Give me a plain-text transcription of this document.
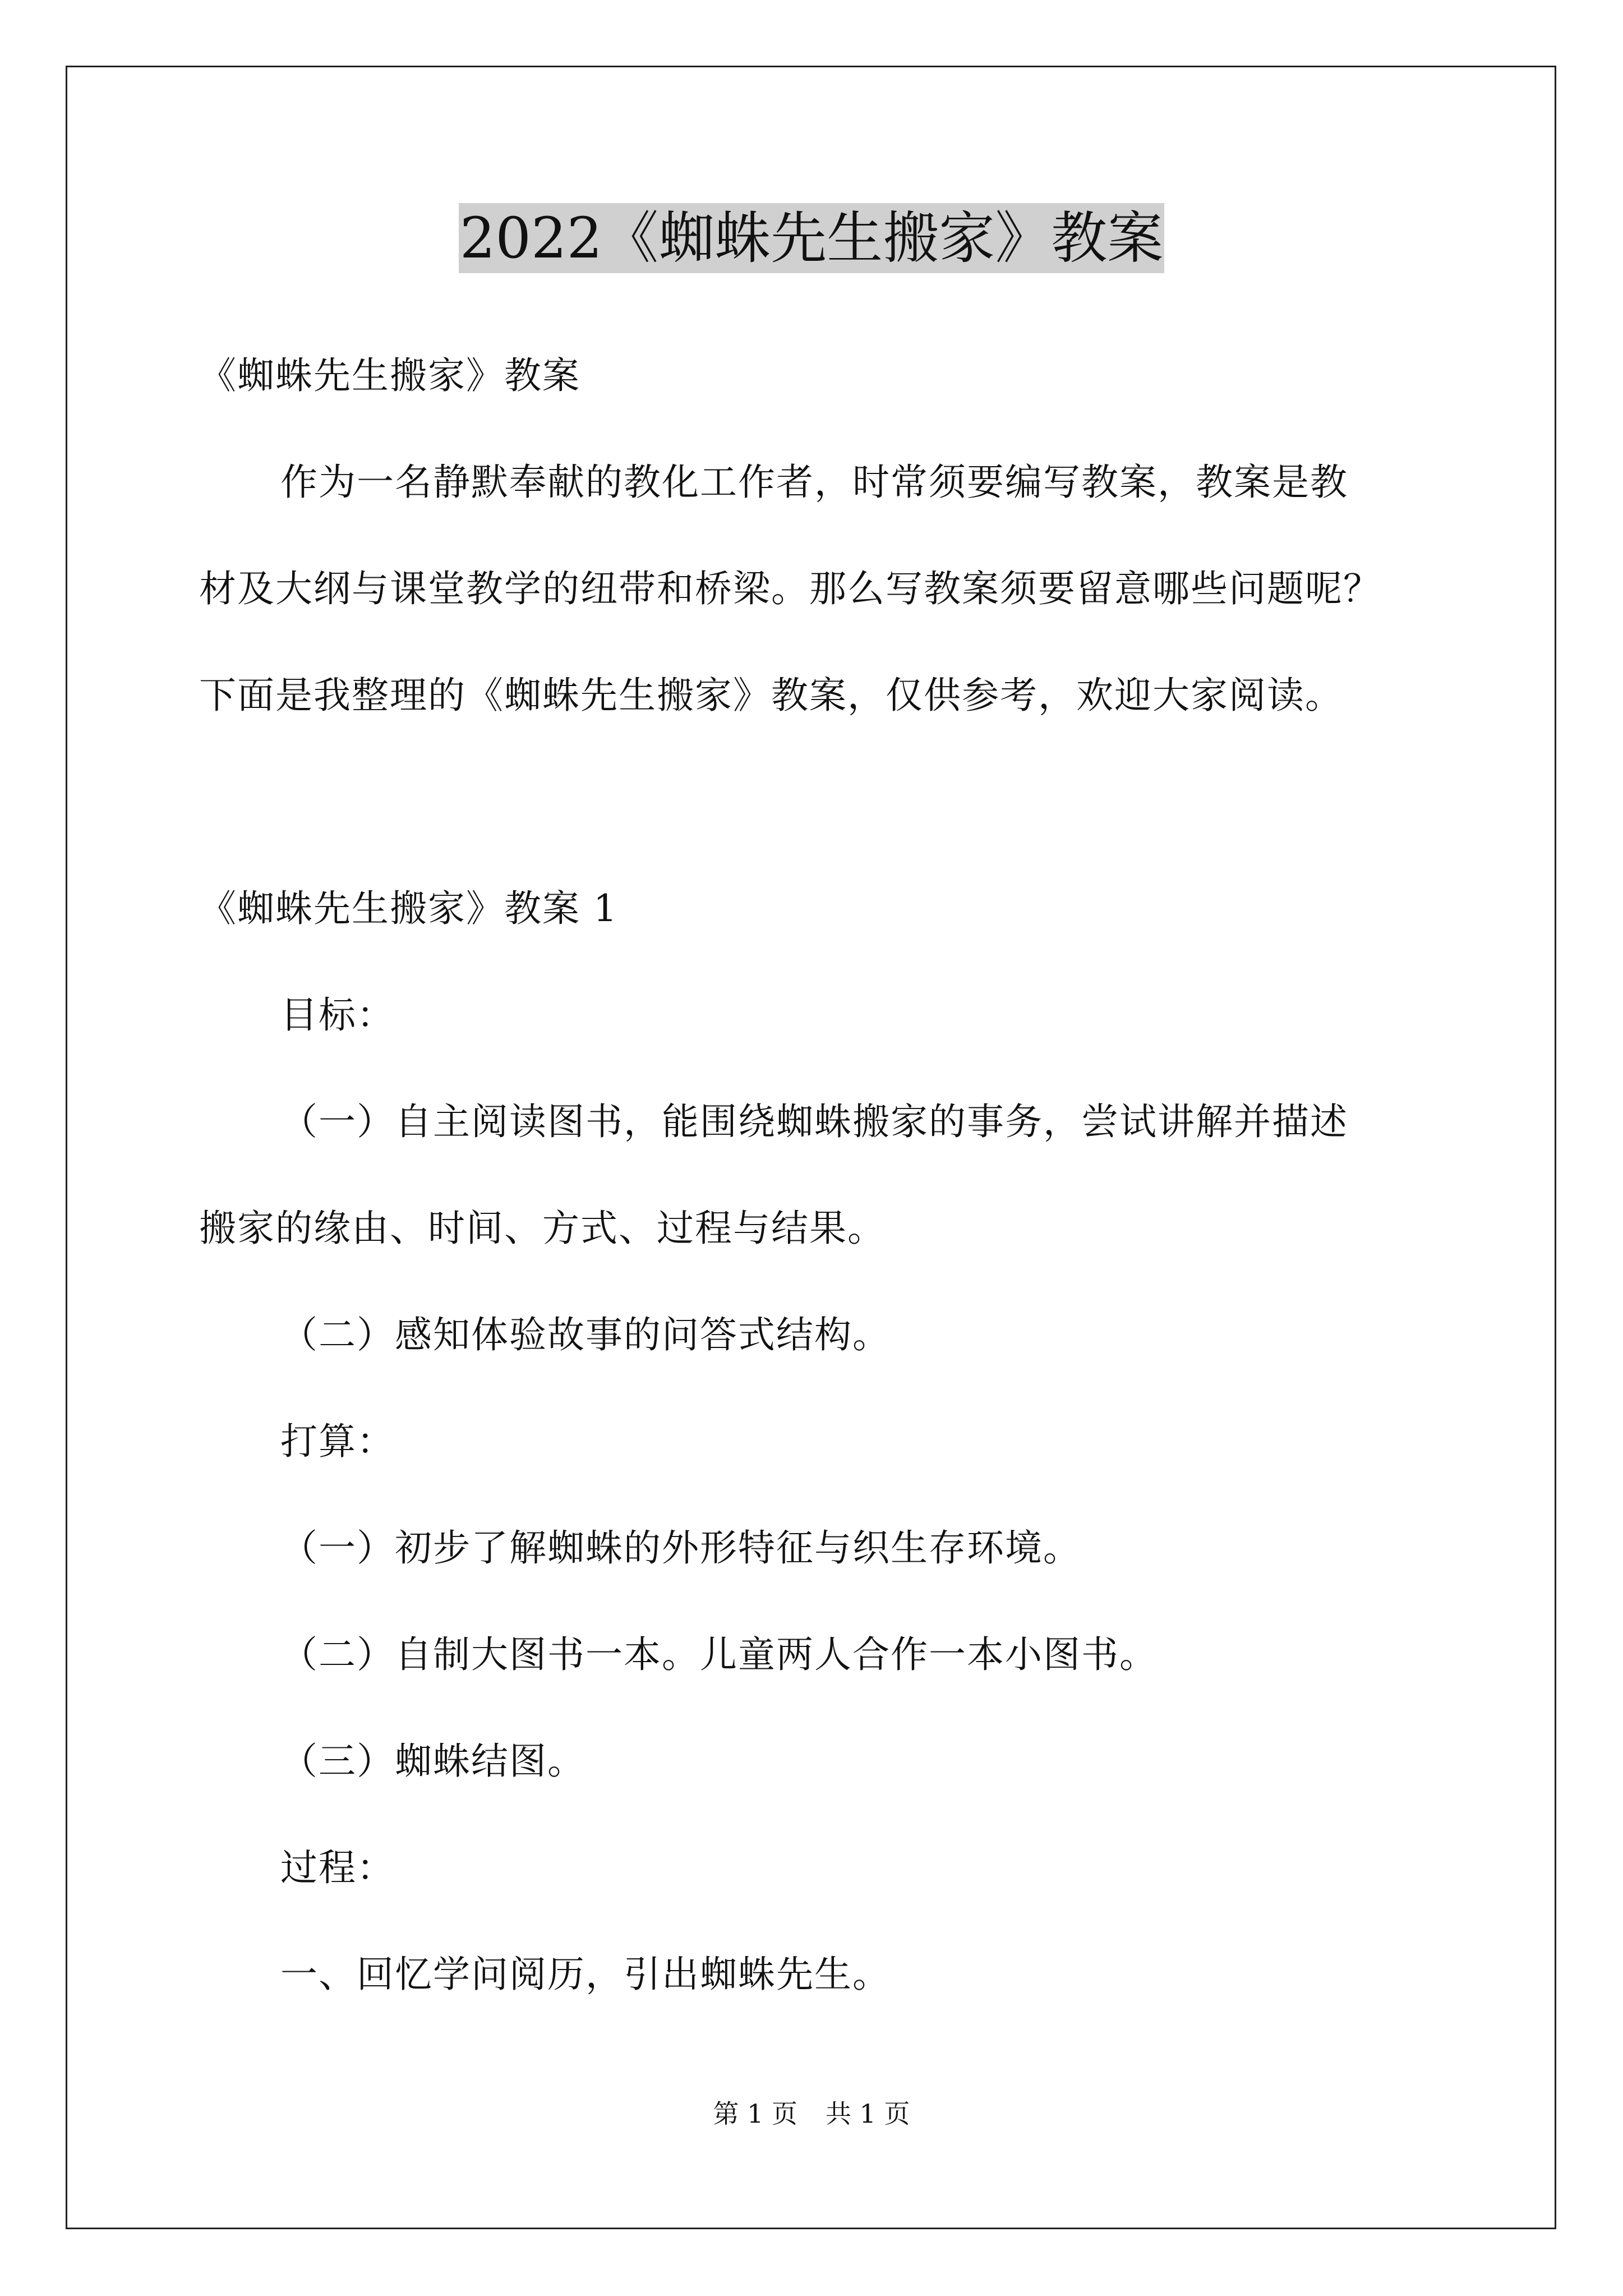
2022《蜘蛛先生搬家》教案
《蜘蛛先生搬家》教案
作为一名静默奉献的教化工作者，时常须要编写教案，教案是教
材及大纲与课堂教学的纽带和桥梁。那么写教案须要留意哪些问题呢？
下面是我整理的《蜘蛛先生搬家》教案，仅供参考，欢迎大家阅读。
《蜘蛛先生搬家》教案 1
目标：
（一）自主阅读图书，能围绕蜘蛛搬家的事务，尝试讲解并描述
搬家的缘由、时间、方式、过程与结果。
（二）感知体验故事的问答式结构。
打算：
（一）初步了解蜘蛛的外形特征与织生存环境。
（二）自制大图书一本。儿童两人合作一本小图书。
（三）蜘蛛结图。
过程：
一、回忆学问阅历，引出蜘蛛先生。
第 1 页 共 1 页
